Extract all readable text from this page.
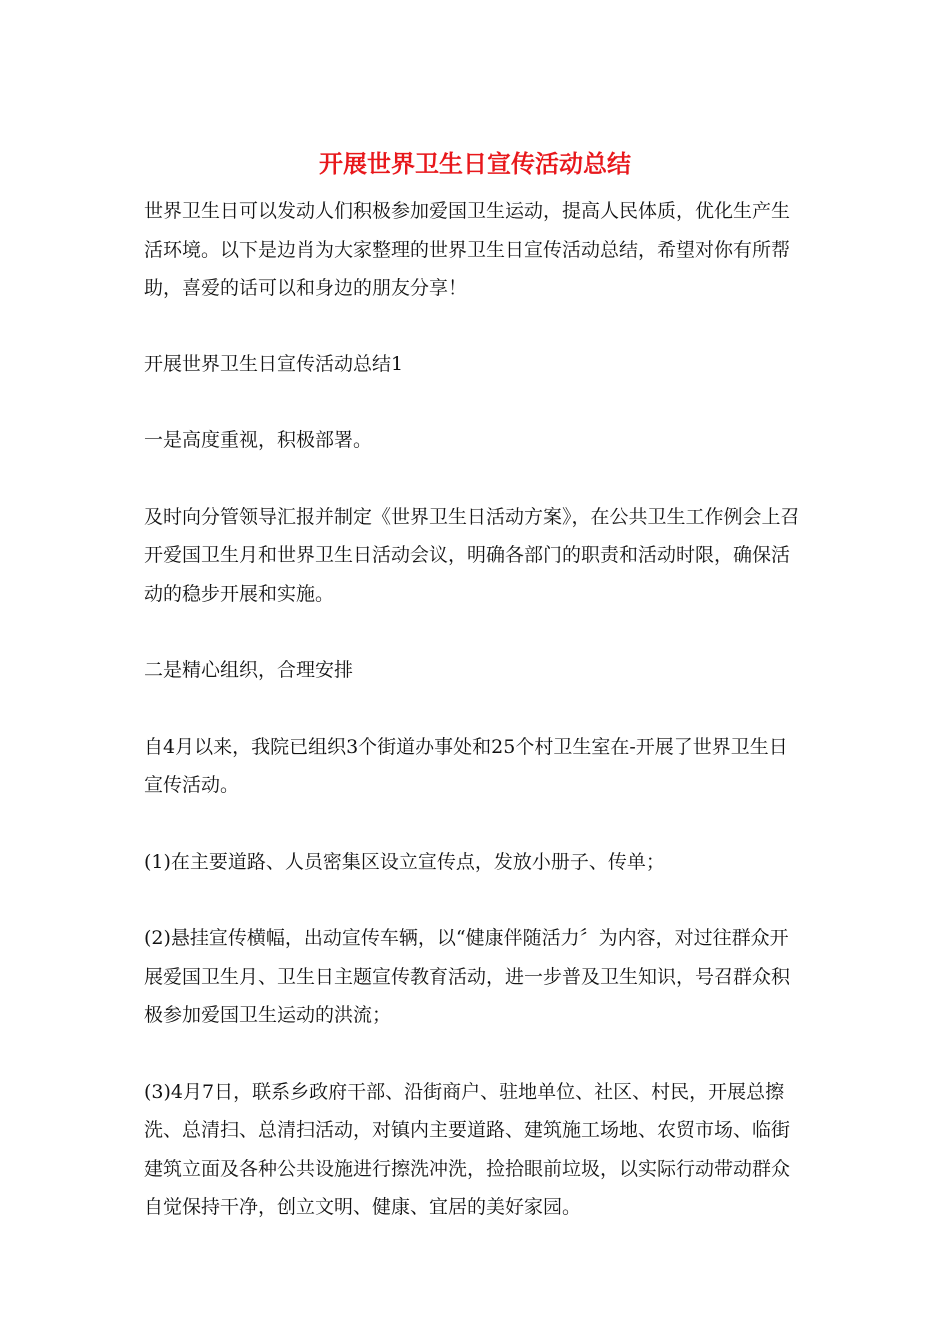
开展世界卫生日宣传活动总结

世界卫生日可以发动人们积极参加爱国卫生运动，提高人民体质，优化生产生活环境。以下是边肖为大家整理的世界卫生日宣传活动总结，希望对你有所帮助，喜爱的话可以和身边的朋友分享！

开展世界卫生日宣传活动总结1

一是高度重视，积极部署。

及时向分管领导汇报并制定《世界卫生日活动方案》，在公共卫生工作例会上召开爱国卫生月和世界卫生日活动会议，明确各部门的职责和活动时限，确保活动的稳步开展和实施。

二是精心组织，合理安排

自4月以来，我院已组织3个街道办事处和25个村卫生室在-开展了世界卫生日宣传活动。

(1)在主要道路、人员密集区设立宣传点，发放小册子、传单；

(2)悬挂宣传横幅，出动宣传车辆，以“健康伴随活力〞为内容，对过往群众开展爱国卫生月、卫生日主题宣传教育活动，进一步普及卫生知识，号召群众积极参加爱国卫生运动的洪流；

(3)4月7日，联系乡政府干部、沿街商户、驻地单位、社区、村民，开展总擦洗、总清扫、总清扫活动，对镇内主要道路、建筑施工场地、农贸市场、临街建筑立面及各种公共设施进行擦洗冲洗，捡拾眼前垃圾，以实际行动带动群众自觉保持干净，创立文明、健康、宜居的美好家园。
